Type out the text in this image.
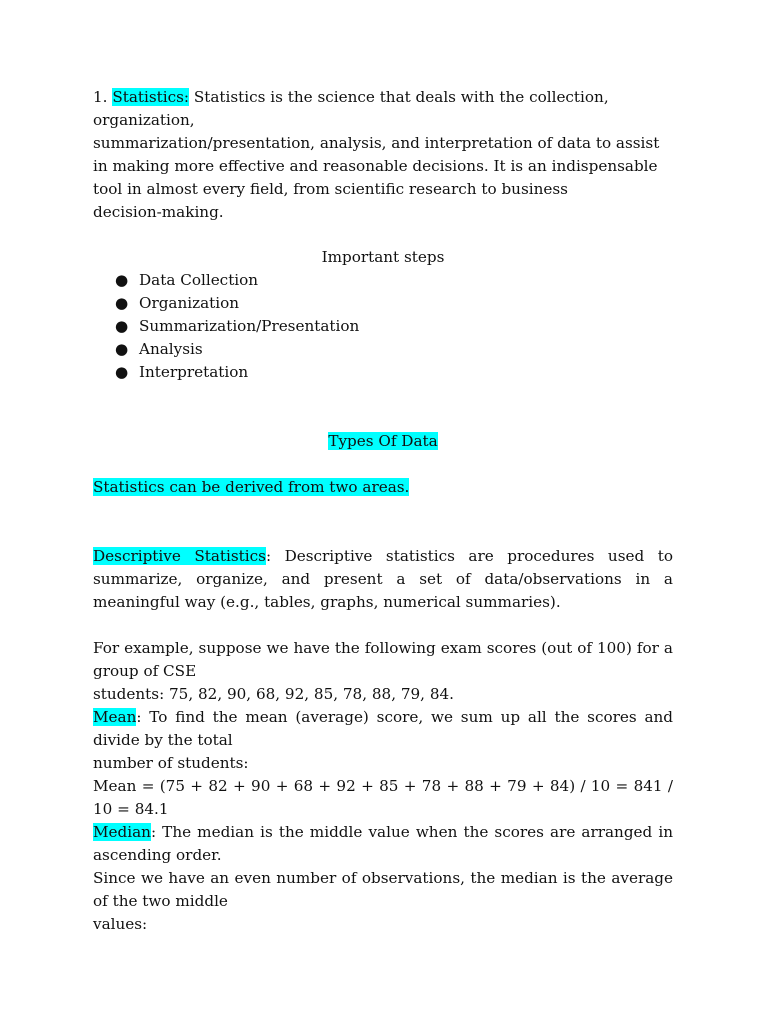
1. Statistics: Statistics is the science that deals with the collection,

organization,

summarization/presentation, analysis, and interpretation of data to assist

in making more effective and reasonable decisions. It is an indispensable

tool in almost every field, from scientific research to business

decision-making.

Important steps

● Data Collection
● Organization
● Summarization/Presentation
● Analysis
● Interpretation

Types Of Data

Statistics can be derived from two areas.

Descriptive Statistics: Descriptive statistics are procedures used to summarize, organize, and present a set of data/observations in a meaningful way (e.g., tables, graphs, numerical summaries).

For example, suppose we have the following exam scores (out of 100) for a group of CSE

students: 75, 82, 90, 68, 92, 85, 78, 88, 79, 84.

Mean: To find the mean (average) score, we sum up all the scores and divide by the total

number of students:

Mean = (75 + 82 + 90 + 68 + 92 + 85 + 78 + 88 + 79 + 84) / 10 = 841 / 10 = 84.1

Median: The median is the middle value when the scores are arranged in ascending order.

Since we have an even number of observations, the median is the average of the two middle

values:
